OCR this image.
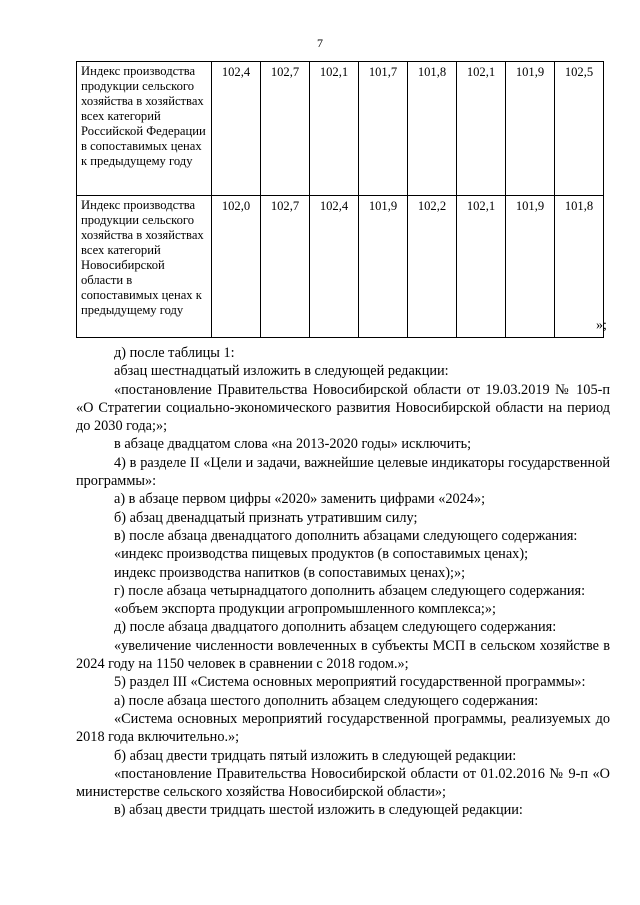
7
Индекс производства продукции сельского хозяйства в хозяйствах всех категорий Российской Федерации в сопоставимых ценах к предыдущему году	102,4	102,7	102,1	101,7	101,8	102,1	101,9	102,5
Индекс производства продукции сельского хозяйства в хозяйствах всех категорий Новосибирской области в сопоставимых ценах к предыдущему году	102,0	102,7	102,4	101,9	102,2	102,1	101,9	101,8
»;

д) после таблицы 1:

абзац шестнадцатый изложить в следующей редакции:

«постановление Правительства Новосибирской области от 19.03.2019 № 105-п «О Стратегии социально-экономического развития Новосибирской области на период до 2030 года;»;

в абзаце двадцатом слова «на 2013-2020 годы» исключить;

4) в разделе II «Цели и задачи, важнейшие целевые индикаторы государственной программы»:

а) в абзаце первом цифры «2020» заменить цифрами «2024»;

б) абзац двенадцатый признать утратившим силу;

в) после абзаца двенадцатого дополнить абзацами следующего содержания:

«индекс производства пищевых продуктов (в сопоставимых ценах);

индекс производства напитков (в сопоставимых ценах);»;

г) после абзаца четырнадцатого дополнить абзацем следующего содержания:

«объем экспорта продукции агропромышленного комплекса;»;

д) после абзаца двадцатого дополнить абзацем следующего содержания:

«увеличение численности вовлеченных в субъекты МСП в сельском хозяйстве в 2024 году на 1150 человек в сравнении с 2018 годом.»;

5) раздел III «Система основных мероприятий государственной программы»:

а) после абзаца шестого дополнить абзацем следующего содержания:

«Система основных мероприятий государственной программы, реализуемых до 2018 года включительно.»;

б) абзац двести тридцать пятый изложить в следующей редакции:

«постановление Правительства Новосибирской области от 01.02.2016 № 9-п «О министерстве сельского хозяйства Новосибирской области»;

в) абзац двести тридцать шестой изложить в следующей редакции:
